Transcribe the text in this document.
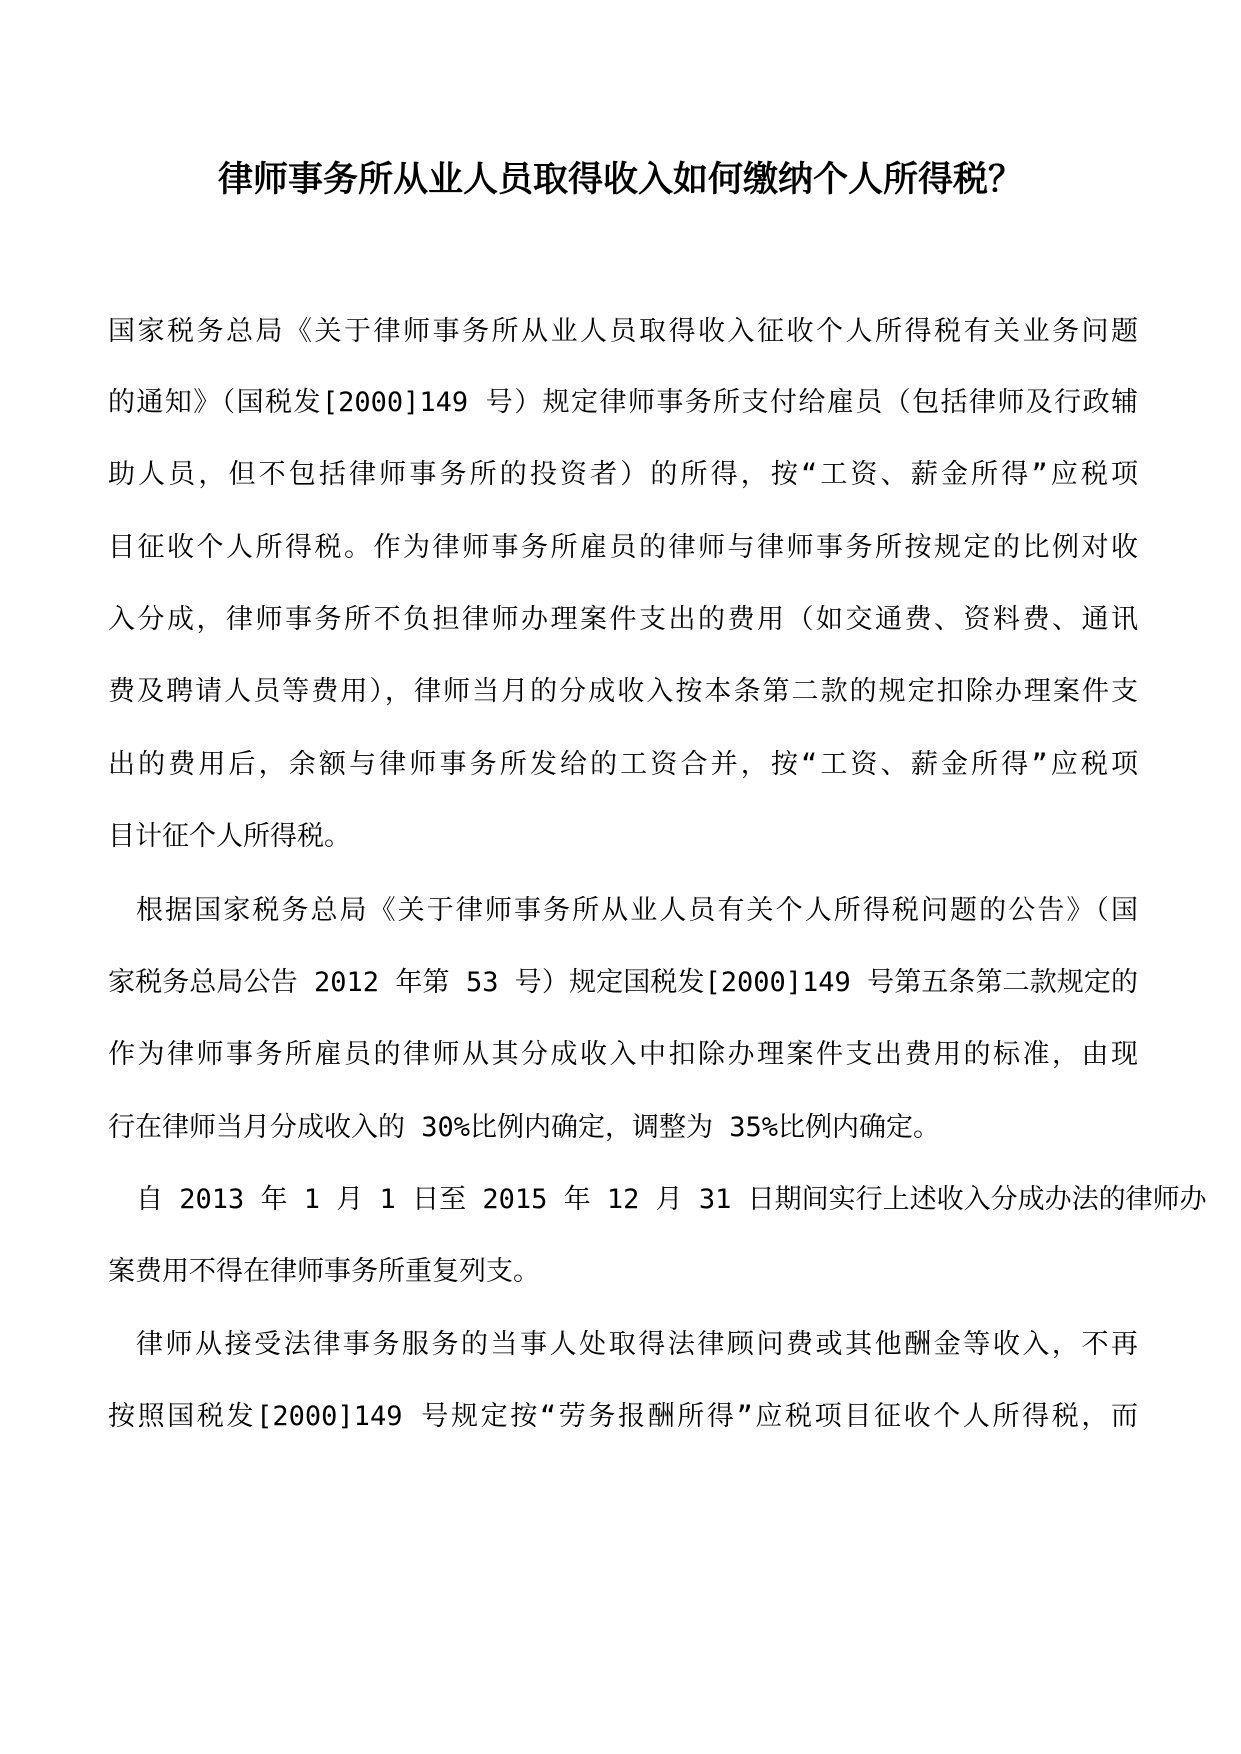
律师事务所从业人员取得收入如何缴纳个人所得税？
国家税务总局《关于律师事务所从业人员取得收入征收个人所得税有关业务问题
的通知》（国税发[2000]149 号）规定律师事务所支付给雇员（包括律师及行政辅
助人员，但不包括律师事务所的投资者）的所得，按“工资、薪金所得”应税项
目征收个人所得税。作为律师事务所雇员的律师与律师事务所按规定的比例对收
入分成，律师事务所不负担律师办理案件支出的费用（如交通费、资料费、通讯
费及聘请人员等费用），律师当月的分成收入按本条第二款的规定扣除办理案件支
出的费用后，余额与律师事务所发给的工资合并，按“工资、薪金所得”应税项
目计征个人所得税。
根据国家税务总局《关于律师事务所从业人员有关个人所得税问题的公告》（国
家税务总局公告 2012 年第 53 号）规定国税发[2000]149 号第五条第二款规定的
作为律师事务所雇员的律师从其分成收入中扣除办理案件支出费用的标准，由现
行在律师当月分成收入的 30%比例内确定，调整为 35%比例内确定。
自 2013 年 1 月 1 日至 2015 年 12 月 31 日期间实行上述收入分成办法的律师办
案费用不得在律师事务所重复列支。
律师从接受法律事务服务的当事人处取得法律顾问费或其他酬金等收入，不再
按照国税发[2000]149 号规定按“劳务报酬所得”应税项目征收个人所得税，而
